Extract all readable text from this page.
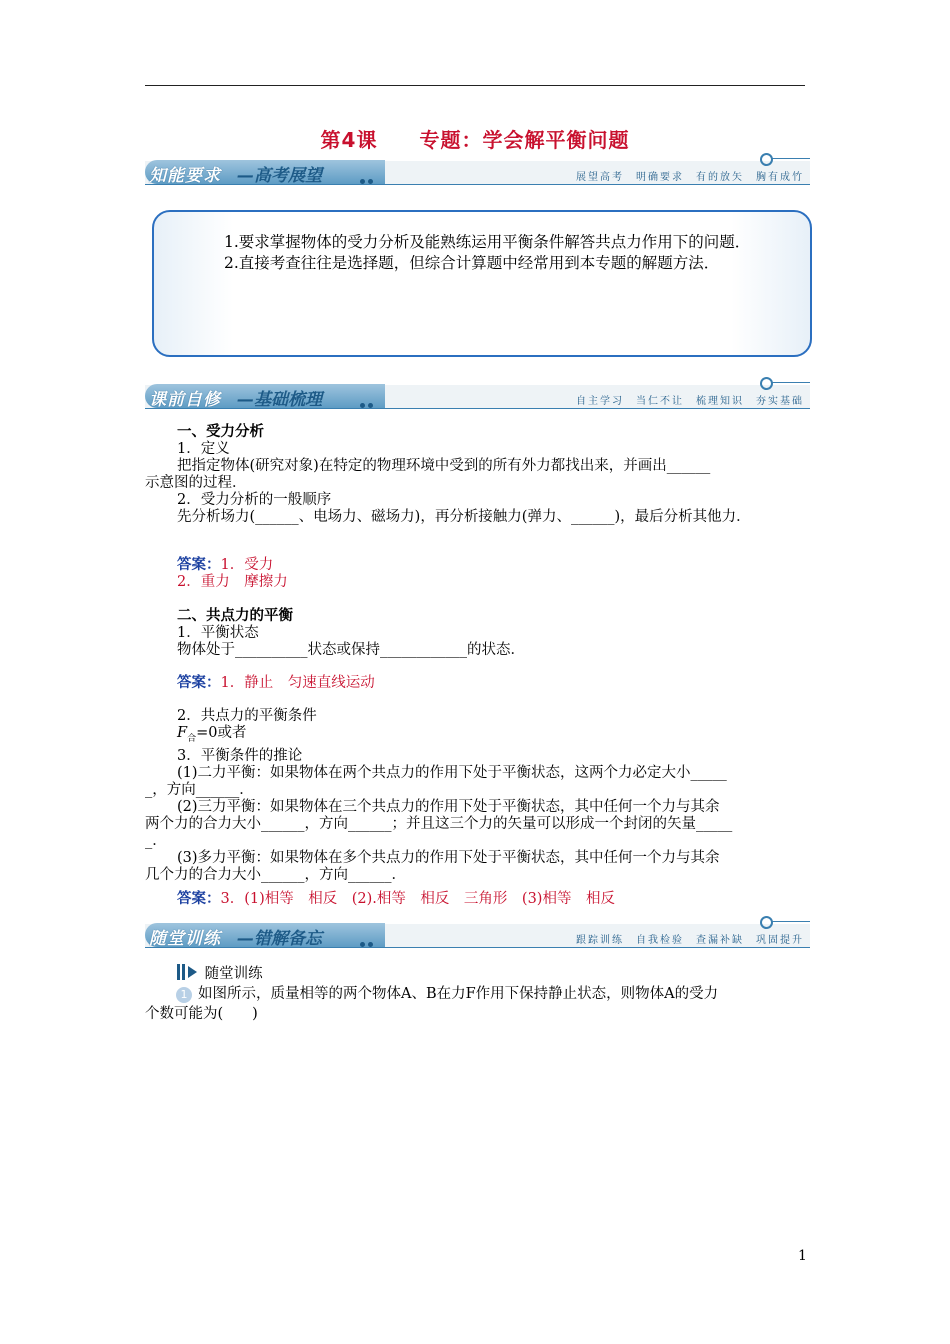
第4课　　专题：学会解平衡问题
知能要求 —高考展望	展望高考　明确要求　有的放矢　胸有成竹
1.要求掌握物体的受力分析及能熟练运用平衡条件解答共点力作用下的问题．
2.直接考查往往是选择题，但综合计算题中经常用到本专题的解题方法．
课前自修 —基础梳理	自主学习　当仁不让　梳理知识　夯实基础
一、受力分析
1．定义
把指定物体(研究对象)在特定的物理环境中受到的所有外力都找出来，并画出______
示意图的过程．
2．受力分析的一般顺序
先分析场力(______、电场力、磁场力)，再分析接触力(弹力、______)，最后分析其他力．
答案：1．受力
2．重力　摩擦力
二、共点力的平衡
1．平衡状态
物体处于__________状态或保持____________的状态．
答案：1．静止　匀速直线运动
2．共点力的平衡条件
$F_合=0$或者
3．平衡条件的推论
(1)二力平衡：如果物体在两个共点力的作用下处于平衡状态，这两个力必定大小_____
_，方向______．
(2)三力平衡：如果物体在三个共点力的作用下处于平衡状态，其中任何一个力与其余
两个力的合力大小______，方向______；并且这三个力的矢量可以形成一个封闭的矢量_____
_．
(3)多力平衡：如果物体在多个共点力的作用下处于平衡状态，其中任何一个力与其余
几个力的合力大小______，方向______．
答案：3．(1)相等　相反　(2).相等　相反　三角形　(3)相等　相反
随堂训练 —错解备忘	跟踪训练　自我检验　查漏补缺　巩固提升
随堂训练
1 如图所示，质量相等的两个物体A、B在力F作用下保持静止状态，则物体A的受力
个数可能为(　　)
1
